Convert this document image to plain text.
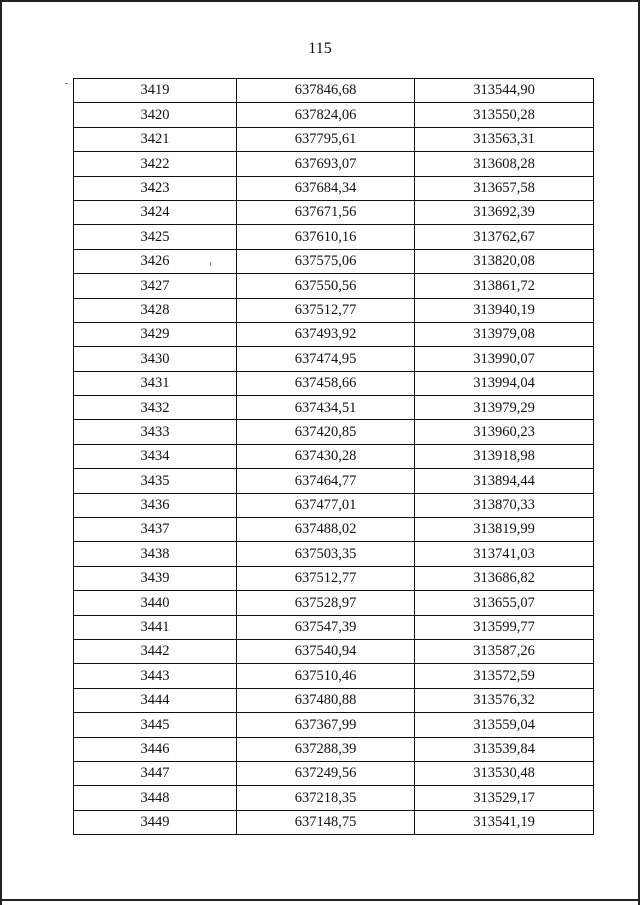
115
3419	637846,68	313544,90
3420	637824,06	313550,28
3421	637795,61	313563,31
3422	637693,07	313608,28
3423	637684,34	313657,58
3424	637671,56	313692,39
3425	637610,16	313762,67
3426	637575,06	313820,08
3427	637550,56	313861,72
3428	637512,77	313940,19
3429	637493,92	313979,08
3430	637474,95	313990,07
3431	637458,66	313994,04
3432	637434,51	313979,29
3433	637420,85	313960,23
3434	637430,28	313918,98
3435	637464,77	313894,44
3436	637477,01	313870,33
3437	637488,02	313819,99
3438	637503,35	313741,03
3439	637512,77	313686,82
3440	637528,97	313655,07
3441	637547,39	313599,77
3442	637540,94	313587,26
3443	637510,46	313572,59
3444	637480,88	313576,32
3445	637367,99	313559,04
3446	637288,39	313539,84
3447	637249,56	313530,48
3448	637218,35	313529,17
3449	637148,75	313541,19
